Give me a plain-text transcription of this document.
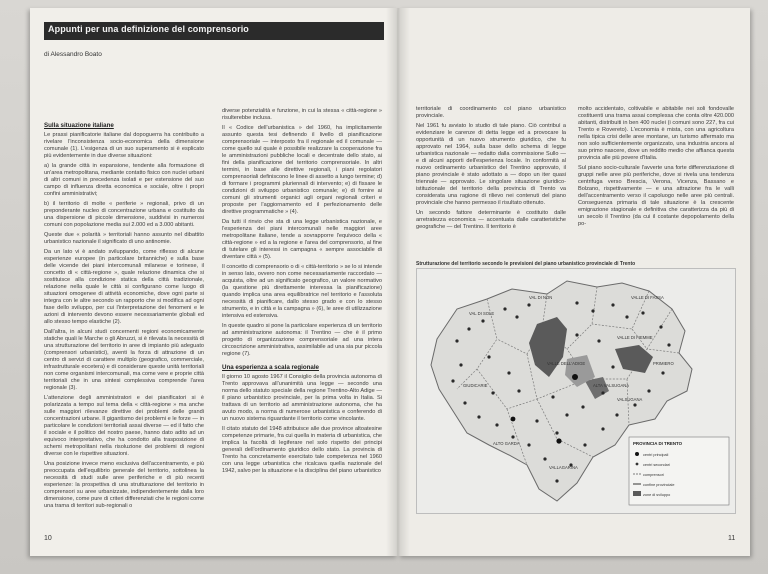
Appunti per una definizione del comprensorio
di Alessandro Boato

Sulla situazione italiane

Le prassi pianificatorie italiane dal dopoguerra ha contribuito a rivelare l'inconsistenza socio-economica della dimensione comunale (1). L'esigenza di un suo superamento si è esplicato più evidentemente in due diverse situazioni:

a) la grande città in espansione, tendente alla formazione di un'area metropolitana, mediante contatto fisico con nuclei urbani di altri comuni in precedenza isolati e per estensione del suo campo di influenza diretta economica e sociale, oltre i propri confini amministrativi;

b) il territorio di molte « periferie » regionali, privo di un preponderante nucleo di concentrazione urbana e costituito da una dispersione di piccole dimensione, suddivisi in numerosi comuni con popolazione media sui 2.000 ed a 3.000 abitanti.

Queste due « polarità » territoriali hanno assunto nel dibattito urbanistico nazionale il significato di uno antinomie.

Da un lato vi è andato sviluppando, come riflesso di alcune esperienze europee (in particolare britanniche) e sulla base delle vicende dei piani intercomunali milanese e torinese, il concetto di « città-regione », quale relazione dinamica che si sostituisce alla condizione statica della città tradizionale, relazione nella quale le città si configurano come luogo di situazioni omogenee di attività economiche, dove ogni parte si integra con le altre secondo un rapporto che si modifica ad ogni fase dello sviluppo, per cui l'interpretazione dei fenomeni e le azioni di intervento devono essere necessariamente globali ed allo stesso tempo elastiche (2).

Dall'altra, in alcuni studi concernenti regioni economicamente statiche quali le Marche o gli Abruzzi, si è rilevata la necessità di una strutturazione del territorio in aree di impianto più adeguato (comprensori urbanistici), aventi la forza di attrazione di un centro di servizi di carattere multiplo (geografico, commerciale, infrastrutturale eccetera) e di considerare queste unità territoriali non come organismi intercomunali, ma come vere e proprie città territoriali che in una sintesi complessiva comprende l'area regionale (3).

L'attenzione degli amministratori e dei pianificatori si è polarizzata a tempo sul tema della « città-regione » ma anche sulle maggiori rilevanze direttive dei problemi delle grandi concentrazioni urbane. Il gigantismo dei problemi e le forze — in particolare le condizioni territoriali assai diverse — ed il fatto che il sociale e il politico del nostro paese, hanno dato adito ad un equivoco interpretativo, che ha condotto alla trasposizione di schemi metropolitani nella risoluzione dei problemi di regioni diverse con le rispettive situazioni.

Una posizione invece meno esclusiva dell'accentramento, e più preoccupata dell'equilibrio generale del territorio, sottolinea la necessità di studi sulle aree periferiche e di più recenti esperienze: la prospettiva di una strutturazione del territorio in comprensori su aree urbanizzate, indipendentemente dalla loro dimensione, come pure di criteri differenziati che le regioni come una trama di territori sub-regionali o

diverse potenzialità e funzione, in cui la stessa « città-regione » risulterebbe inclusa.

Il « Codice dell'urbanistica » del 1960, ha implicitamente assunto questa tesi definendo il livello di pianificazione comprensoriale — interposto fra il regionale ed il comunale — come quello sul quale è possibile realizzare la cooperazione fra le amministrazioni pubbliche locali e decentrate dello stato, ai fini della pianificazione del territorio comprensoriale. In altri termini, in base alle direttive regionali, i piani regolatori comprensoriali definiscono le linee di assetto a lungo termine; d) di formare i programmi pluriennali di intervento; e) di fissare le condizioni di sviluppo urbanistico comunale; e) di fornire ai comuni gli strumenti organici agli organi regionali criteri e proposte per l'aggiornamento ed il perfezionamento delle direttive programmatiche » (4).

Da tutti il rinvio che sta di una legge urbanistica nazionale, e l'esperienza dei piani intercomunali nelle maggiori aree metropolitane italiane, tende a sovrapporre l'equivoco della « città-regione » ed a la regione e l'area del comprensorio, al fine di tutelare gli interessi in campagna « sempre associabile di diventare città » (5).

Il concetto di comprensorio o di « città-territorio » se lo si intende in senso lato, ovvero non come necessariamente raccordato — acquista, oltre ad un significato geografico, un valore normativo (la questione più direttamente interessa la pianificazione) quando implica una area equilibratrice nel territorio e l'assoluta necessità di pianificare, dallo stesso grado e con lo stesso strumento, e in città e la campagna » (6), le aree di utilizzazione intensiva ed estensiva.

In queste quadro si pone la particolare esperienza di un territorio ad amministrazione autonoma: il Trentino — che è il primo progetto di organizzazione comprensoriale ad una intera circoscrizione amministrativa, assimilabile ad una sia pur piccola regione (7).

Una esperienza a scala regionale

Il giorno 10 agosto 1967 il Consiglio della provincia autonoma di Trento approvava all'unanimità una legge — secondo una norma dello statuto speciale della regione Trentino-Alto Adige — il piano urbanistico provinciale, per la prima volta in Italia. Si trattava di un territorio ad amministrazione autonoma, che ha avuto modo, a norma di numerose urbanistica e conferendo di un nuovo sistema riguardante il territorio come vincolante.

Il citato statuto del 1948 attribuisce alle due province altoatesine competenze primarie, fra cui quella in materia di urbanistica, che implica la facoltà di legiferare nel solo rispetto dei principi generali dell'ordinamento giuridico dello stato. La provincia di Trento ha concretamente esercitato tale competenza nel 1960 con una legge urbanistica che ricalcava quella nazionale del 1942, salvo per la situazione e la disciplina del piano urbanistico

10

territoriale di coordinamento col piano urbanistico provinciale.

Nel 1961 fu avviato lo studio di tale piano. Ciò contribuì a evidenziare le carenze di detta legge ed a provocare la opportunità di un nuovo strumento giuridico, che fu approvato nel 1964, sulla base dello schema di legge urbanistica nazionale — redatto dalla commissione Sullo — e di alcuni apporti dell'esperienza locale. In conformità al nuovo ordinamento urbanistico del Trentino approvato, il piano provinciale è stato adottato a — dopo un iter quasi triennale — approvato. Le singolare situazione giuridico-istituzionale del territorio della provincia di Trento va considerata una ragione di rilievo nei contenuti del piano provinciale che hanno permesso il risultato ottenuto.

Un secondo fattore determinante è costituito dalle arretratezza economica — accentuata dalle caratteristiche geografiche — del Trentino. Il territorio è

molto accidentato, coltivabile e abitabile nei soli fondovalle costituenti una trama assai complessa che conta oltre 420.000 abitanti, distribuiti in ben 400 nuclei (i comuni sono 227, fra cui Trento e Rovereto). L'economia è mista, con una agricoltura nella tipica crisi delle aree montane, un turismo affermato ma non solo sufficientemente organizzato, una industria ancora al suo primo nascere, dove un reddito medio che affianca questa provincia alle più povere d'Italia.

Sul piano socio-culturale l'avverte una forte differenziazione di gruppi nelle aree più periferiche, dove si rivela una tendenza centrifuga verso Brescia, Verona, Vicenza, Bassano e Bolzano, rispettivamente — e una attrazione fra le valli dell'accentramento verso il capoluogo nelle aree più centrali. Conseguenza primaria di tale situazione è la crescente emigrazione stagionale e definitiva che caratterizza da più di un secolo il Trentino (da cui il costante depopolamento della po-

Strutturazione del territorio secondo le previsioni del piano urbanistico provinciale di Trento
VAL DI SOLE
VAL DI NON
VALLE DI FIEMME
VALLE DI FASSA
GIUDICARIE
VALSUGANA
ALTA VALSUGANA
VALLAGARINA
ALTO GARDA
PRIMIERO
VALLE DELL'ADIGE
PROVINCIA DI TRENTO
centri principali
centri secondari
comprensori
confine provinciale
zone di sviluppo
11
